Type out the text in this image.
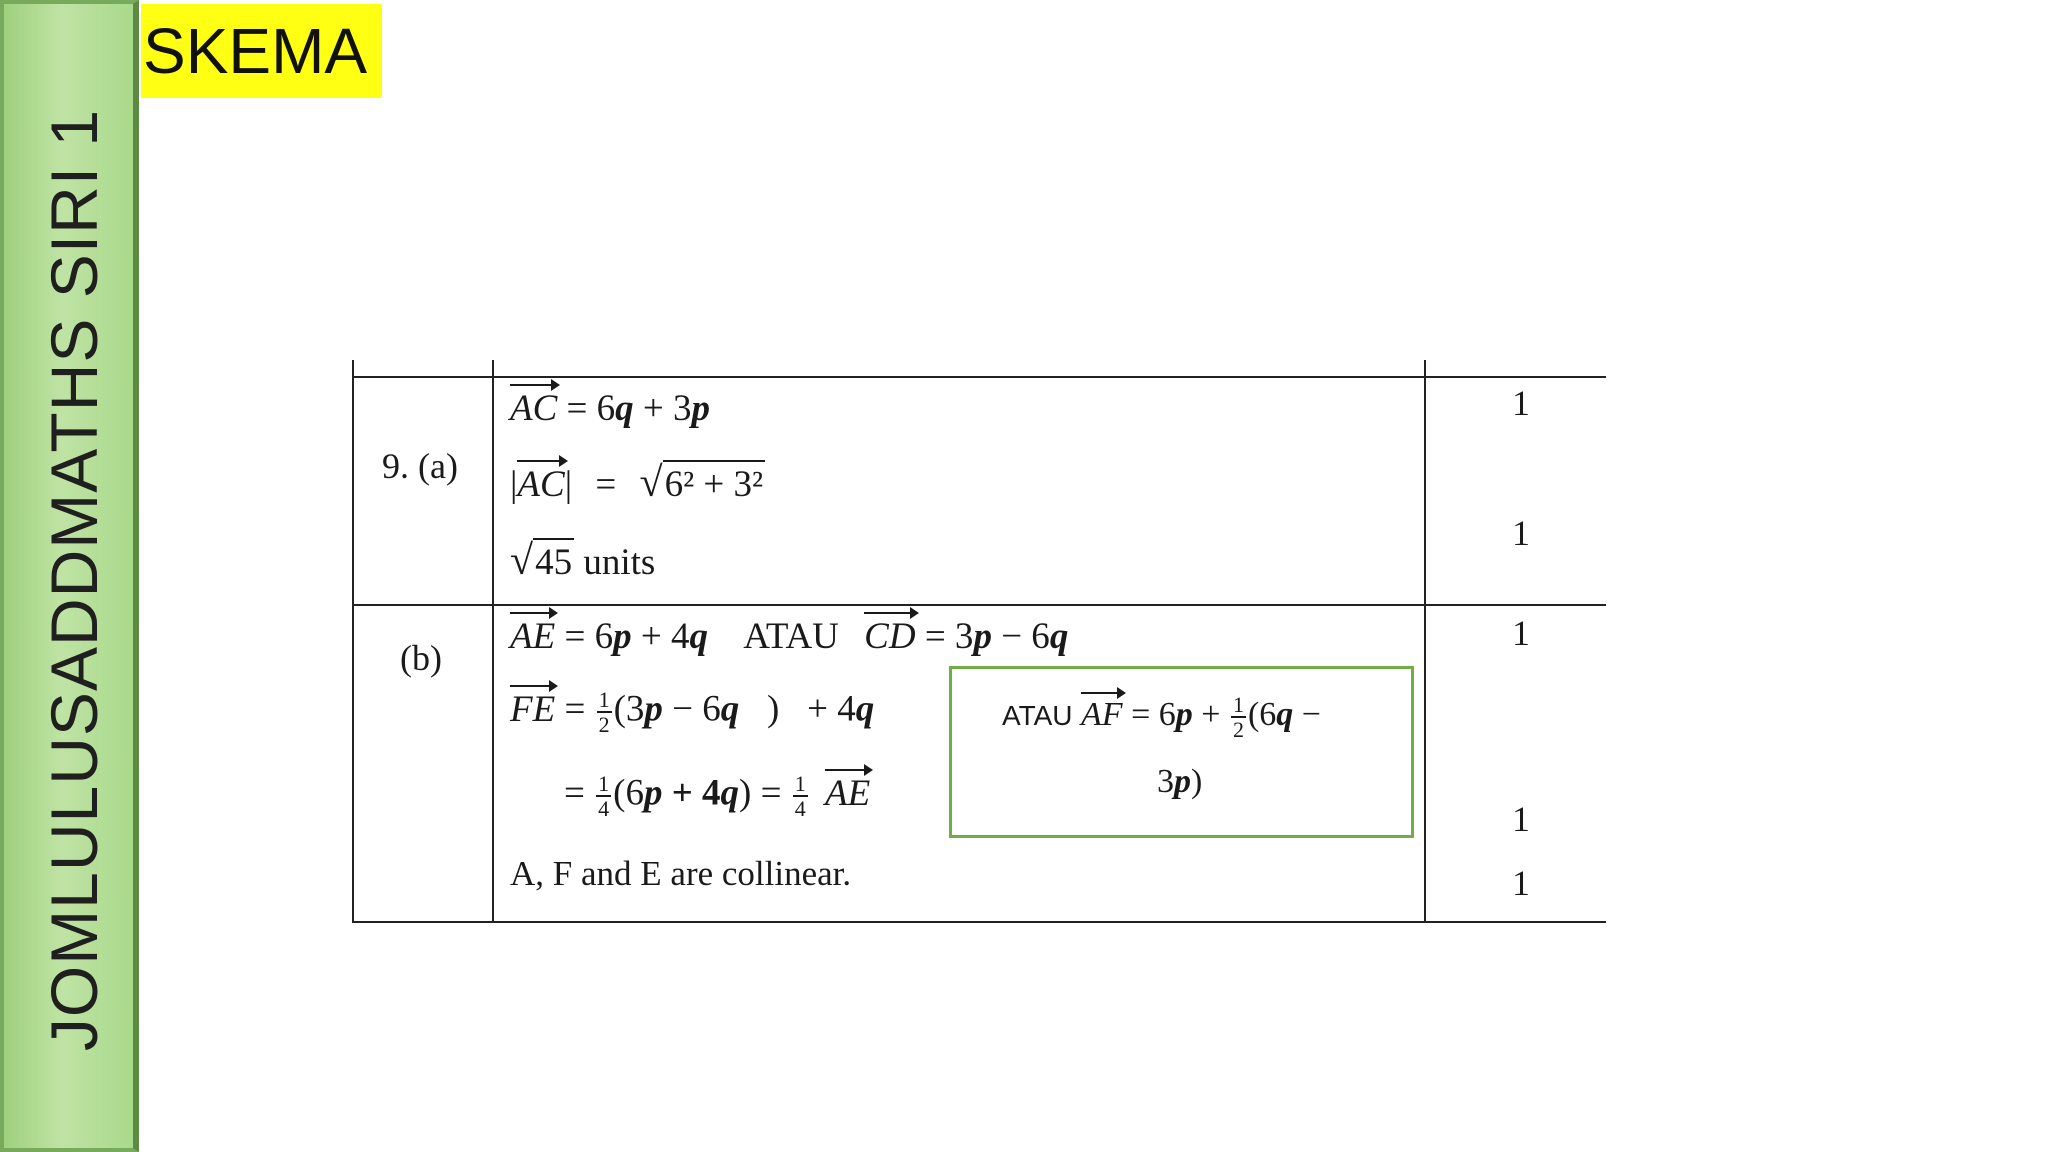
JOMLULUSADDMATHS SIRI 1
SKEMA
9. (a)
AC = 6q + 3p
|AC| = √6² + 3²
√45 units
1
1
(b)
AE = 6p + 4q ATAU CD = 3p − 6q
FE = $\frac{1}{2} (3p - 6q$   )   + 4q
= $\frac{1}{4} (6p + 4q) = \frac{1}{4}$ AE
A, F and E are collinear.
ATAU AF = $6p + \frac{1}{2} (6q$ −
3p)
1
1
1
